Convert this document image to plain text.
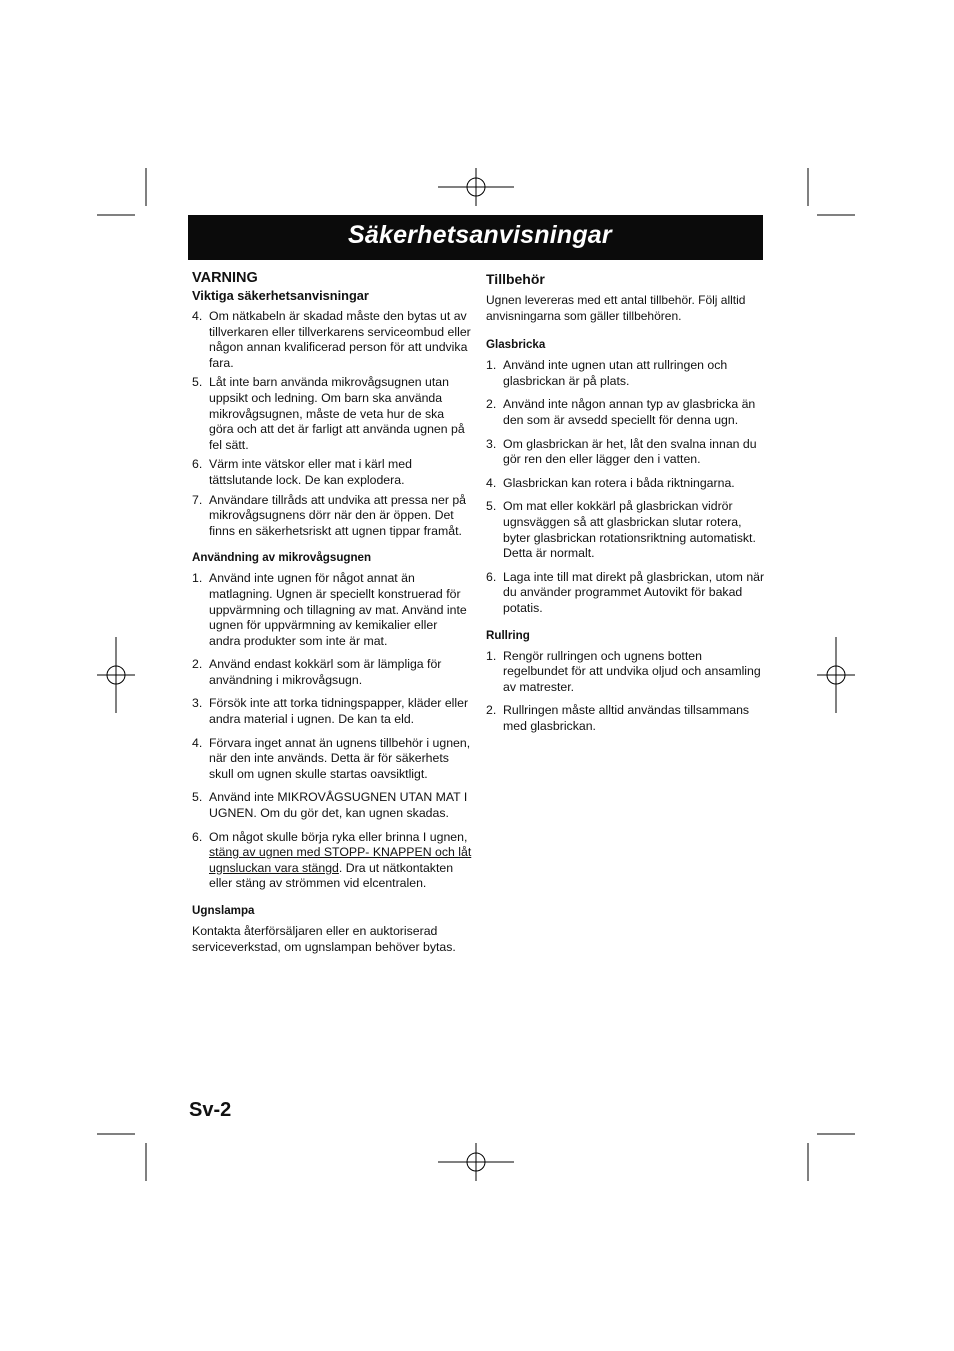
Säkerhetsanvisningar
VARNING
Viktiga säkerhetsanvisningar
4. Om nätkabeln är skadad måste den bytas ut av tillverkaren eller tillverkarens serviceombud eller någon annan kvalificerad person för att undvika fara.
5. Låt inte barn använda mikrovågsugnen utan uppsikt och ledning. Om barn ska använda mikrovågsugnen, måste de veta hur de ska göra och att det är farligt att använda ugnen på fel sätt.
6. Värm inte vätskor eller mat i kärl med tättslutande lock. De kan explodera.
7. Användare tillråds att undvika att pressa ner på mikrovågsugnens dörr när den är öppen. Det finns en säkerhetsriskt att ugnen tippar framåt.
Användning av mikrovågsugnen
1. Använd inte ugnen för något annat än matlagning. Ugnen är speciellt konstruerad för uppvärmning och tillagning av mat. Använd inte ugnen för uppvärmning av kemikalier eller andra produkter som inte är mat.
2. Använd endast kokkärl som är lämpliga för användning i mikrovågsugn.
3. Försök inte att torka tidningspapper, kläder eller andra material i ugnen. De kan ta eld.
4. Förvara inget annat än ugnens tillbehör i ugnen, när den inte används. Detta är för säkerhets skull om ugnen skulle startas oavsiktligt.
5. Använd inte MIKROVÅGSUGNEN UTAN MAT I UGNEN. Om du gör det, kan ugnen skadas.
6. Om något skulle börja ryka eller brinna I ugnen, stäng av ugnen med STOPP- KNAPPEN och låt ugnsluckan vara stängd. Dra ut nätkontakten eller stäng av strömmen vid elcentralen.
Ugnslampa

Kontakta återförsäljaren eller en auktoriserad serviceverkstad, om ugnslampan behöver bytas.

Tillbehör

Ugnen levereras med ett antal tillbehör. Följ alltid anvisningarna som gäller tillbehören.

Glasbricka
1. Använd inte ugnen utan att rullringen och glasbrickan är på plats.
2. Använd inte någon annan typ av glasbricka än den som är avsedd speciellt för denna ugn.
3. Om glasbrickan är het, låt den svalna innan du gör ren den eller lägger den i vatten.
4. Glasbrickan kan rotera i båda riktningarna.
5. Om mat eller kokkärl på glasbrickan vidrör ugnsväggen så att glasbrickan slutar rotera, byter glasbrickan rotationsriktning automatiskt. Detta är normalt.
6. Laga inte till mat direkt på glasbrickan, utom när du använder programmet Autovikt för bakad potatis.
Rullring
1. Rengör rullringen och ugnens botten regelbundet för att undvika oljud och ansamling av matrester.
2. Rullringen måste alltid användas tillsammans med glasbrickan.
Sv-2
